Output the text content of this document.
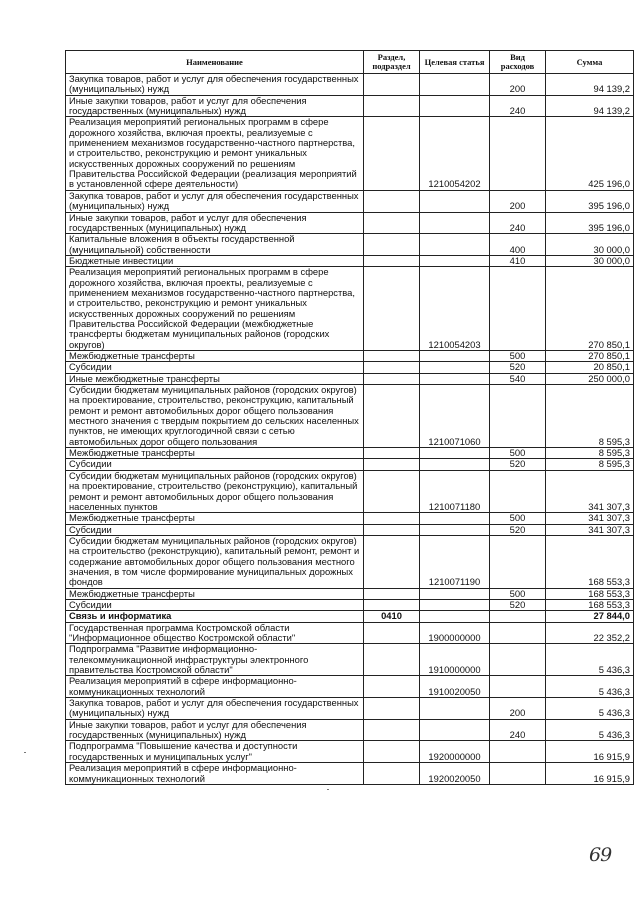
Наименование	Раздел, подраздел	Целевая статья	Вид расходов	Сумма
Закупка товаров, работ и услуг для обеспечения государственных (муниципальных) нужд			200	94 139,2
Иные закупки товаров, работ и услуг для обеспечения государственных (муниципальных) нужд			240	94 139,2
Реализация мероприятий региональных программ в сфере дорожного хозяйства, включая проекты, реализуемые с применением механизмов государственно-частного партнерства, и строительство, реконструкцию и ремонт уникальных искусственных дорожных сооружений по решениям Правительства Российской Федерации (реализация мероприятий в установленной сфере деятельности)		1210054202		425 196,0
Закупка товаров, работ и услуг для обеспечения государственных (муниципальных) нужд			200	395 196,0
Иные закупки товаров, работ и услуг для обеспечения государственных (муниципальных) нужд			240	395 196,0
Капитальные вложения в объекты государственной (муниципальной) собственности			400	30 000,0
Бюджетные инвестиции			410	30 000,0
Реализация мероприятий региональных программ в сфере дорожного хозяйства, включая проекты, реализуемые с применением механизмов государственно-частного партнерства, и строительство, реконструкцию и ремонт уникальных искусственных дорожных сооружений по решениям Правительства Российской Федерации (межбюджетные трансферты бюджетам муниципальных районов (городских округов)		1210054203		270 850,1
Межбюджетные трансферты			500	270 850,1
Субсидии			520	20 850,1
Иные межбюджетные трансферты			540	250 000,0
Субсидии бюджетам муниципальных районов (городских округов) на проектирование, строительство, реконструкцию, капитальный ремонт и ремонт автомобильных дорог общего пользования местного значения с твердым покрытием до сельских населенных пунктов, не имеющих круглогодичной связи с сетью автомобильных дорог общего пользования		1210071060		8 595,3
Межбюджетные трансферты			500	8 595,3
Субсидии			520	8 595,3
Субсидии бюджетам муниципальных районов (городских округов) на проектирование, строительство (реконструкцию), капитальный ремонт и ремонт автомобильных дорог общего пользования населенных пунктов		1210071180		341 307,3
Межбюджетные трансферты			500	341 307,3
Субсидии			520	341 307,3
Субсидии бюджетам муниципальных районов (городских округов) на строительство (реконструкцию), капитальный ремонт, ремонт и содержание автомобильных дорог общего пользования местного значения, в том числе формирование муниципальных дорожных фондов		1210071190		168 553,3
Межбюджетные трансферты			500	168 553,3
Субсидии			520	168 553,3
Связь и информатика	0410			27 844,0
Государственная программа Костромской области "Информационное общество Костромской области"		1900000000		22 352,2
Подпрограмма "Развитие информационно-телекоммуникационной инфраструктуры электронного правительства Костромской области"		1910000000		5 436,3
Реализация мероприятий в сфере информационно-коммуникационных технологий		1910020050		5 436,3
Закупка товаров, работ и услуг для обеспечения государственных (муниципальных) нужд			200	5 436,3
Иные закупки товаров, работ и услуг для обеспечения государственных (муниципальных) нужд			240	5 436,3
Подпрограмма "Повышение качества и доступности государственных и муниципальных услуг"		1920000000		16 915,9
Реализация мероприятий в сфере информационно-коммуникационных технологий		1920020050		16 915,9
69
